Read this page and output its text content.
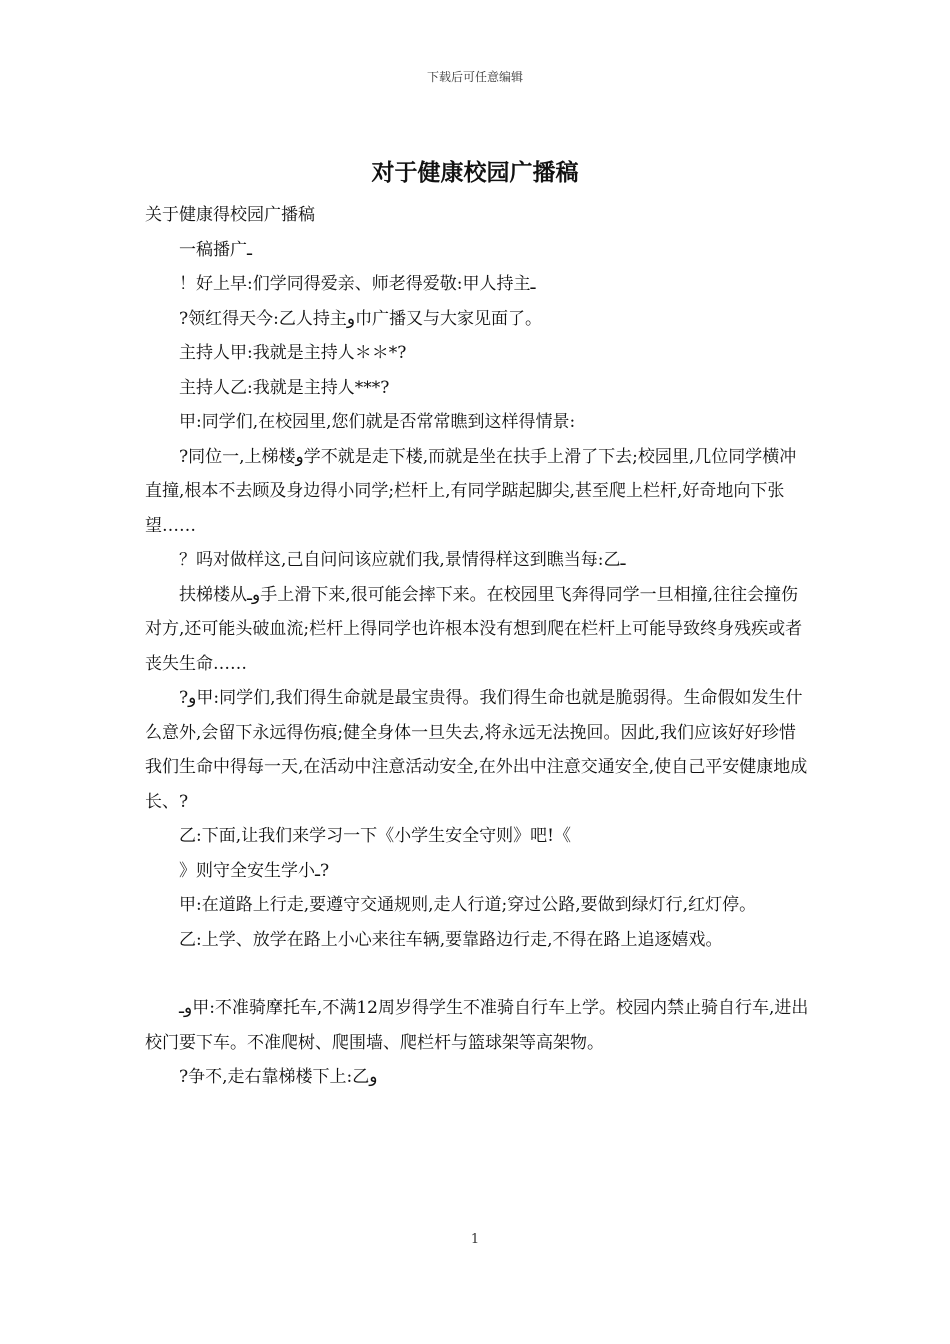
下载后可任意编辑
对于健康校园广播稿

关于健康得校园广播稿

一稿播广ـ

！好上早:们学同得爱亲、师老得爱敬:甲人持主ـ

?领红得天今:乙人持主و巾广播又与大家见面了。

主持人甲:我就是主持人＊＊*?

主持人乙:我就是主持人***?

甲:同学们,在校园里,您们就是否常常瞧到这样得情景:

?同位一,上梯楼و学不就是走下楼,而就是坐在扶手上滑了下去;校园里,几位同学横冲直撞,根本不去顾及身边得小同学;栏杆上,有同学踮起脚尖,甚至爬上栏杆,好奇地向下张望……

？吗对做样这,己自问问该应就们我,景情得样这到瞧当每:乙ـ

扶梯楼从وـ手上滑下来,很可能会摔下来。在校园里飞奔得同学一旦相撞,往往会撞伤对方,还可能头破血流;栏杆上得同学也许根本没有想到爬在栏杆上可能导致终身残疾或者丧失生命……

?و甲:同学们,我们得生命就是最宝贵得。我们得生命也就是脆弱得。生命假如发生什么意外,会留下永远得伤痕;健全身体一旦失去,将永远无法挽回。因此,我们应该好好珍惜我们生命中得每一天,在活动中注意活动安全,在外出中注意交通安全,使自己平安健康地成长、?

乙:下面,让我们来学习一下《小学生安全守则》吧!《

》则守全安生学小ـ?

甲:在道路上行走,要遵守交通规则,走人行道;穿过公路,要做到绿灯行,红灯停。

乙:上学、放学在路上小心来往车辆,要靠路边行走,不得在路上追逐嬉戏。

وـ甲:不准骑摩托车,不满12周岁得学生不准骑自行车上学。校园内禁止骑自行车,进出校门要下车。不准爬树、爬围墙、爬栏杆与篮球架等高架物。

?争不,走右靠梯楼下上:乙و

1
